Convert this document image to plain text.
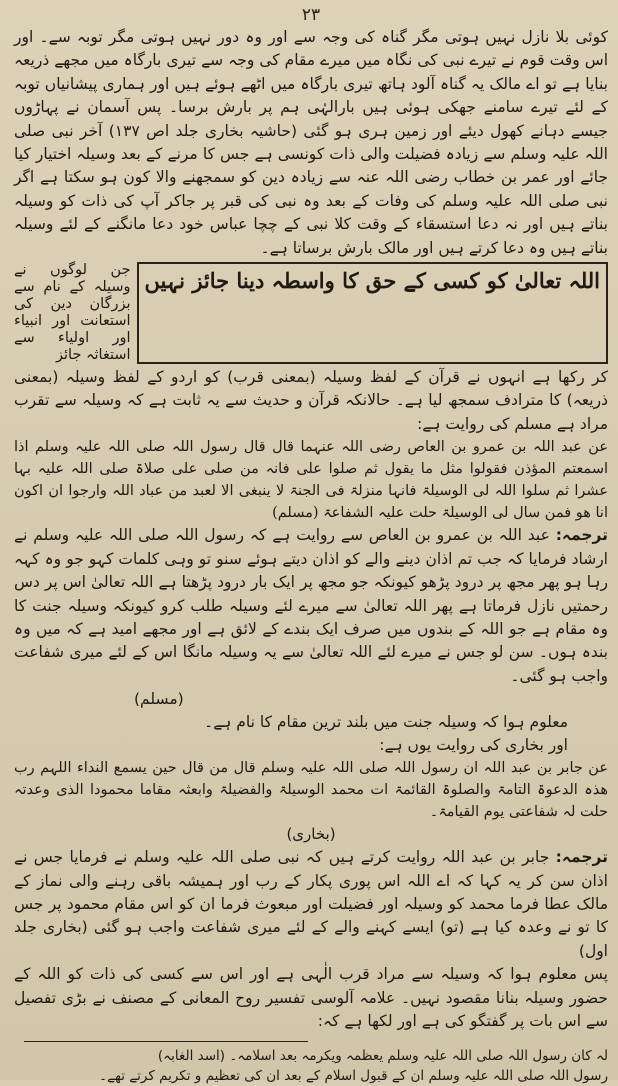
۲۳

کوئی بلا نازل نہیں ہوتی مگر گناہ کی وجہ سے اور وہ دور نہیں ہوتی مگر توبہ سے۔ اور اس وقت قوم نے تیرے نبی کی نگاہ میں میرے مقام کی وجہ سے تیری بارگاہ میں مجھے ذریعہ بنایا ہے تو اے مالک یہ گناہ آلود ہاتھ تیری بارگاہ میں اٹھے ہوئے ہیں اور ہماری پیشانیاں توبہ کے لئے تیرے سامنے جھکی ہوئی ہیں بارالہٰی ہم پر بارش برسا۔ پس آسمان نے پہاڑوں جیسے دہانے کھول دیئے اور زمین ہری ہو گئی (حاشیہ بخاری جلد اص ۱۳۷) آخر نبی صلی اللہ علیہ وسلم سے زیادہ فضیلت والی ذات کونسی ہے جس کا مرنے کے بعد وسیلہ اختیار کیا جائے اور عمر بن خطاب رضی اللہ عنہ سے زیادہ دین کو سمجھنے والا کون ہو سکتا ہے اگر نبی صلی اللہ علیہ وسلم کی وفات کے بعد وہ نبی کی قبر پر جاکر آپ کی ذات کو وسیلہ بناتے ہیں اور نہ دعا استسقاء کے وقت کلا نبی کے چچا عباس خود دعا مانگنے کے لئے وسیلہ بناتے ہیں وہ دعا کرتے ہیں اور مالک بارش برساتا ہے۔

اللہ تعالیٰ کو کسی کے حق کا واسطہ دینا جائز نہیں
جن لوگوں نے وسیلہ کے نام سے بزرگان دین کی استعانت اور انبیاء اور اولیاء سے استغاثہ جائز

کر رکھا ہے انہوں نے قرآن کے لفظ وسیلہ (بمعنی قرب) کو اردو کے لفظ وسیلہ (بمعنی ذریعہ) کا مترادف سمجھ لیا ہے۔ حالانکہ قرآن و حدیث سے یہ ثابت ہے کہ وسیلہ سے تقرب مراد ہے مسلم کی روایت ہے:

عن عبد اللہ بن عمرو بن العاص رضی اللہ عنہما قال قال رسول اللہ صلی اللہ علیہ وسلم اذا اسمعتم المؤذن فقولوا مثل ما یقول ثم صلوا علی فانہ من صلی علی صلاۃ صلی اللہ علیہ بہا عشرا ثم سلوا اللہ لی الوسیلۃ فانہا منزلۃ فی الجنۃ لا ینبغی الا لعبد من عباد اللہ وارجوا ان اکون انا ھو فمن سال لی الوسیلۃ حلت علیہ الشفاعۃ (مسلم)

ترجمہ: عبد اللہ بن عمرو بن العاص سے روایت ہے کہ رسول اللہ صلی اللہ علیہ وسلم نے ارشاد فرمایا کہ جب تم اذان دینے والے کو اذان دیتے ہوئے سنو تو وہی کلمات کہو جو وہ کہہ رہا ہو پھر مجھ پر درود پڑھو کیونکہ جو مجھ پر ایک بار درود پڑھتا ہے اللہ تعالیٰ اس پر دس رحمتیں نازل فرماتا ہے پھر اللہ تعالیٰ سے میرے لئے وسیلہ طلب کرو کیونکہ وسیلہ جنت کا وہ مقام ہے جو اللہ کے بندوں میں صرف ایک بندے کے لائق ہے اور مجھے امید ہے کہ میں وہ بندہ ہوں۔ سن لو جس نے میرے لئے اللہ تعالیٰ سے یہ وسیلہ مانگا اس کے لئے میری شفاعت واجب ہو گئی۔

(مسلم)
معلوم ہوا کہ وسیلہ جنت میں بلند ترین مقام کا نام ہے۔
اور بخاری کی روایت یوں ہے:

عن جابر بن عبد اللہ ان رسول اللہ صلی اللہ علیہ وسلم قال من قال حین یسمع النداء اللہم رب ھذہ الدعوۃ التامۃ والصلوۃ القائمۃ ات محمد الوسیلۃ والفضیلۃ وابعثہ مقاما محمودا الذی وعدتہ حلت لہ شفاعتی یوم القیامۃ۔

(بخاری)

ترجمہ: جابر بن عبد اللہ روایت کرتے ہیں کہ نبی صلی اللہ علیہ وسلم نے فرمایا جس نے اذان سن کر یہ کہا کہ اے اللہ اس پوری پکار کے رب اور ہمیشہ باقی رہنے والی نماز کے مالک عطا فرما محمد کو وسیلہ اور فضیلت اور مبعوث فرما ان کو اس مقام محمود پر جس کا تو نے وعدہ کیا ہے (تو) ایسے کہنے والے کے لئے میری شفاعت واجب ہو گئی (بخاری جلد اول)

پس معلوم ہوا کہ وسیلہ سے مراد قرب الٰہی ہے اور اس سے کسی کی ذات کو اللہ کے حضور وسیلہ بنانا مقصود نہیں۔ علامہ آلوسی تفسیر روح المعانی کے مصنف نے بڑی تفصیل سے اس بات پر گفتگو کی ہے اور لکھا ہے کہ:

لہ کان رسول اللہ صلی اللہ علیہ وسلم یعظمہ ویکرمہ بعد اسلامہ۔ (اسد الغابہ)

رسول اللہ صلی اللہ علیہ وسلم ان کے قبول اسلام کے بعد ان کی تعظیم و تکریم کرتے تھے۔
